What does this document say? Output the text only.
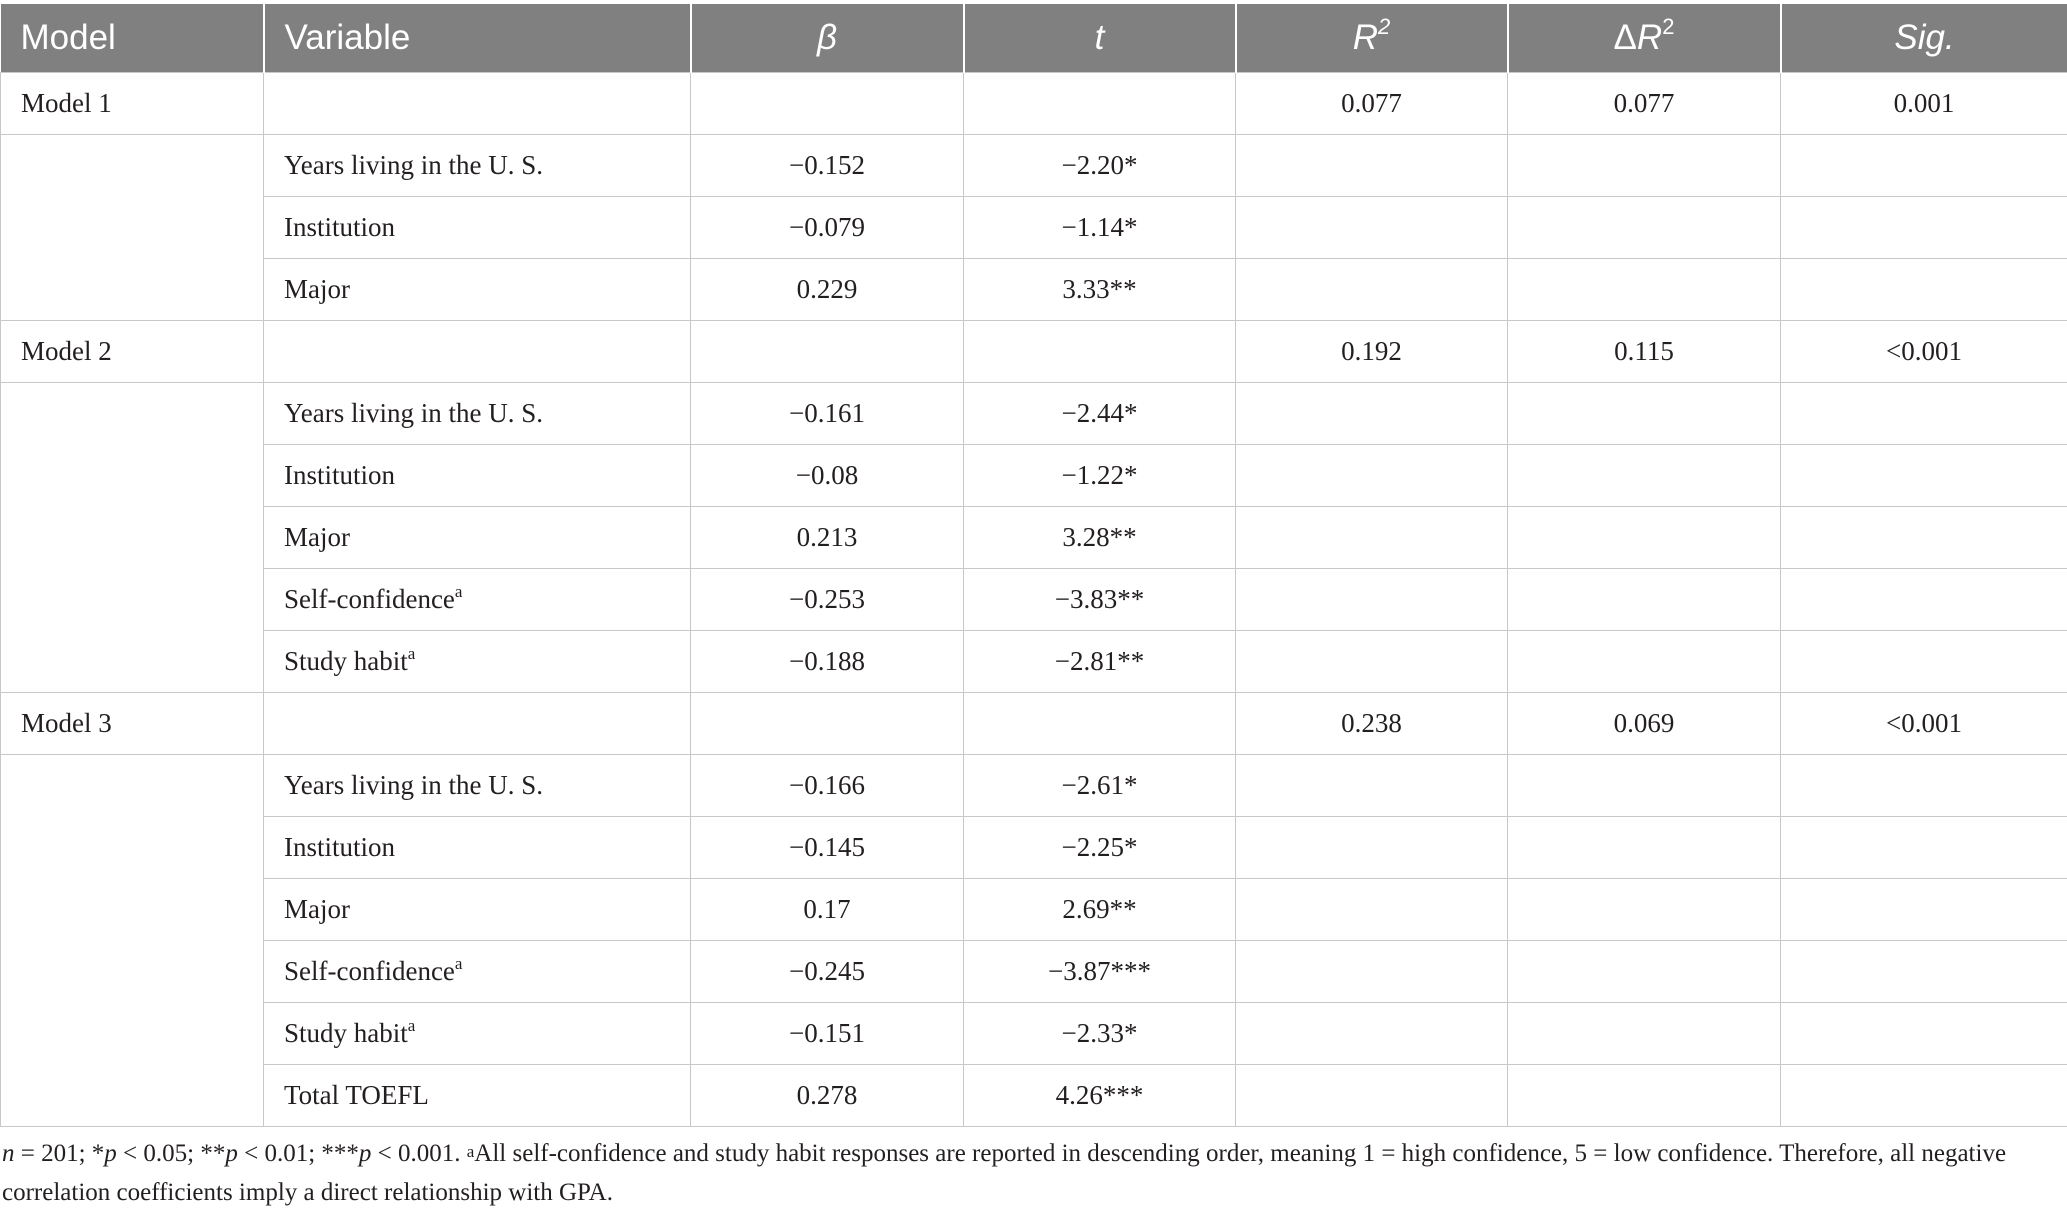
Model	Variable	β	t	$R^2$	$\Delta R^2$	Sig.
Model 1				0.077	0.077	0.001
	Years living in the U. S.	−0.152	−2.20*			
	Institution	−0.079	−1.14*			
	Major	0.229	3.33**			
Model 2				0.192	0.115	<0.001
	Years living in the U. S.	−0.161	−2.44*			
	Institution	−0.08	−1.22*			
	Major	0.213	3.28**			
	Self-confidence$^a$	−0.253	−3.83**			
	Study habit$^a$	−0.188	−2.81**			
Model 3				0.238	0.069	<0.001
	Years living in the U. S.	−0.166	−2.61*			
	Institution	−0.145	−2.25*			
	Major	0.17	2.69**			
	Self-confidence$^a$	−0.245	−3.87***			
	Study habit$^a$	−0.151	−2.33*			
	Total TOEFL	0.278	4.26***			
n = 201; *p < 0.05; **p < 0.01; ***p < 0.001. $^a$All self-confidence and study habit responses are reported in descending order, meaning 1 = high confidence, 5 = low confidence. Therefore, all negative correlation coefficients imply a direct relationship with GPA.
